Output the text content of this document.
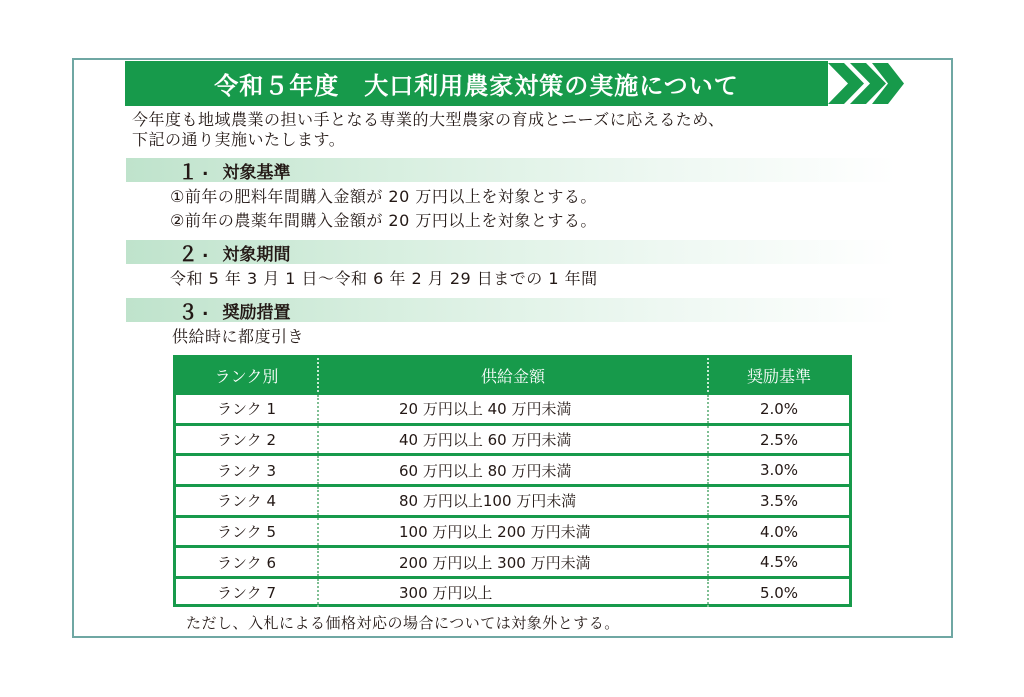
令和５年度　大口利用農家対策の実施について
今年度も地域農業の担い手となる専業的大型農家の育成とニーズに応えるため、
下記の通り実施いたします。
１ . 対象基準
①前年の肥料年間購入金額が 20 万円以上を対象とする。
②前年の農薬年間購入金額が 20 万円以上を対象とする。
２ . 対象期間
令和 5 年 3 月 1 日～令和 6 年 2 月 29 日までの 1 年間
３ . 奨励措置
供給時に都度引き
ランク別	供給金額	奨励基準
ランク 1	20 万円以上 40 万円未満	2.0%
ランク 2	40 万円以上 60 万円未満	2.5%
ランク 3	60 万円以上 80 万円未満	3.0%
ランク 4	80 万円以上100 万円未満	3.5%
ランク 5	100 万円以上 200 万円未満	4.0%
ランク 6	200 万円以上 300 万円未満	4.5%
ランク 7	300 万円以上	5.0%
ただし、入札による価格対応の場合については対象外とする。
